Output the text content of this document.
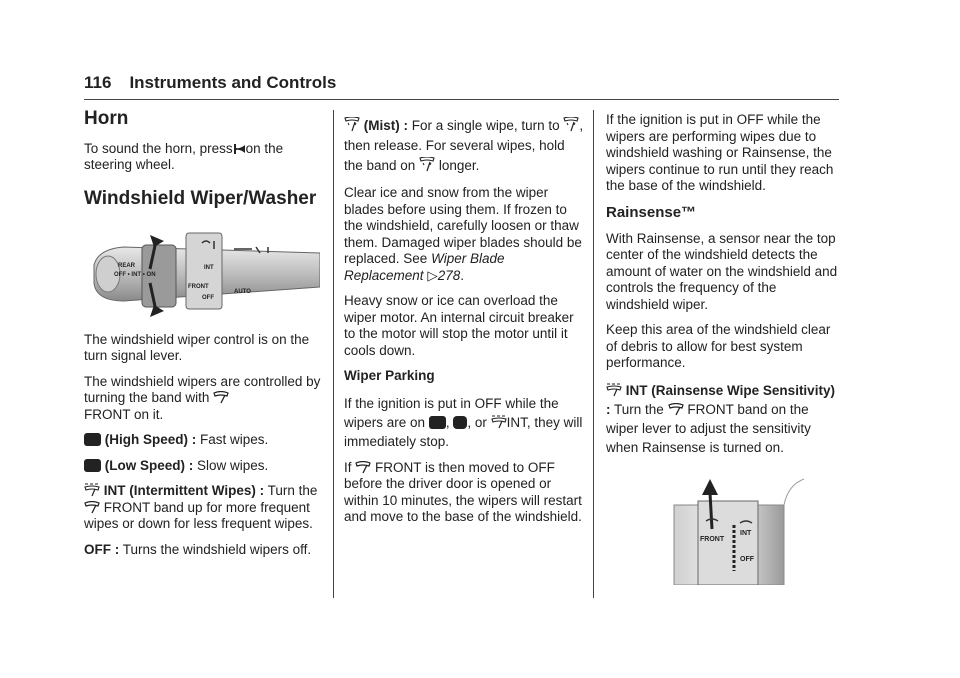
116 Instruments and Controls
Horn

To sound the horn, press on the steering wheel.

Windshield Wiper/Washer
REAR
OFF • INT • ON
FRONT
INT
OFF
AUTO

The windshield wiper control is on the turn signal lever.

The windshield wipers are controlled by turning the band with

FRONT on it.

(High Speed) : Fast wipes.

(Low Speed) : Slow wipes.

INT (Intermittent Wipes) : Turn the

FRONT band up for more frequent wipes or down for less frequent wipes.

OFF : Turns the windshield wipers off.

(Mist) : For a single wipe, turn to , then release. For several wipes, hold the band on longer.

Clear ice and snow from the wiper blades before using them. If frozen to the windshield, carefully loosen or thaw them. Damaged wiper blades should be replaced. See Wiper Blade Replacement ▷278.

Heavy snow or ice can overload the wiper motor. An internal circuit breaker to the motor will stop the motor until it cools down.

Wiper Parking

If the ignition is put in OFF while the wipers are on ,
, or INT, they will immediately stop.

If FRONT is then moved to OFF before the driver door is opened or within 10 minutes, the wipers will restart and move to the base of the windshield.

If the ignition is put in OFF while the wipers are performing wipes due to windshield washing or Rainsense, the wipers continue to run until they reach the base of the windshield.

Rainsense™

With Rainsense, a sensor near the top center of the windshield detects the amount of water on the windshield and controls the frequency of the windshield wiper.

Keep this area of the windshield clear of debris to allow for best system performance.

INT (Rainsense Wipe Sensitivity) : Turn the FRONT band on the wiper lever to adjust the sensitivity when Rainsense is turned on.

FRONT
INT
OFF
